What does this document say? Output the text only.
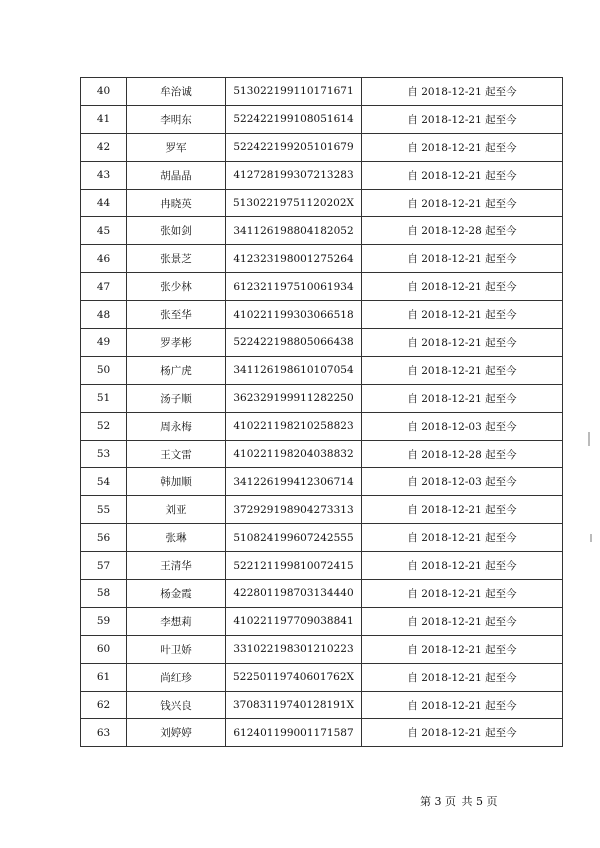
40	牟治诚	513022199110171671	自 2018-12-21 起至今
41	李明东	522422199108051614	自 2018-12-21 起至今
42	罗军	522422199205101679	自 2018-12-21 起至今
43	胡晶晶	412728199307213283	自 2018-12-21 起至今
44	冉晓英	51302219751120202X	自 2018-12-21 起至今
45	张如剑	341126198804182052	自 2018-12-28 起至今
46	张景芝	412323198001275264	自 2018-12-21 起至今
47	张少林	612321197510061934	自 2018-12-21 起至今
48	张至华	410221199303066518	自 2018-12-21 起至今
49	罗孝彬	522422198805066438	自 2018-12-21 起至今
50	杨广虎	341126198610107054	自 2018-12-21 起至今
51	汤子顺	362329199911282250	自 2018-12-21 起至今
52	周永梅	410221198210258823	自 2018-12-03 起至今
53	王文雷	410221198204038832	自 2018-12-28 起至今
54	韩加顺	341226199412306714	自 2018-12-03 起至今
55	刘亚	372929198904273313	自 2018-12-21 起至今
56	张琳	510824199607242555	自 2018-12-21 起至今
57	王清华	522121199810072415	自 2018-12-21 起至今
58	杨金霞	422801198703134440	自 2018-12-21 起至今
59	李想莉	410221197709038841	自 2018-12-21 起至今
60	叶卫娇	331022198301210223	自 2018-12-21 起至今
61	尚红珍	52250119740601762X	自 2018-12-21 起至今
62	钱兴良	37083119740128191X	自 2018-12-21 起至今
63	刘婷婷	612401199001171587	自 2018-12-21 起至今
第 3 页 共 5 页
